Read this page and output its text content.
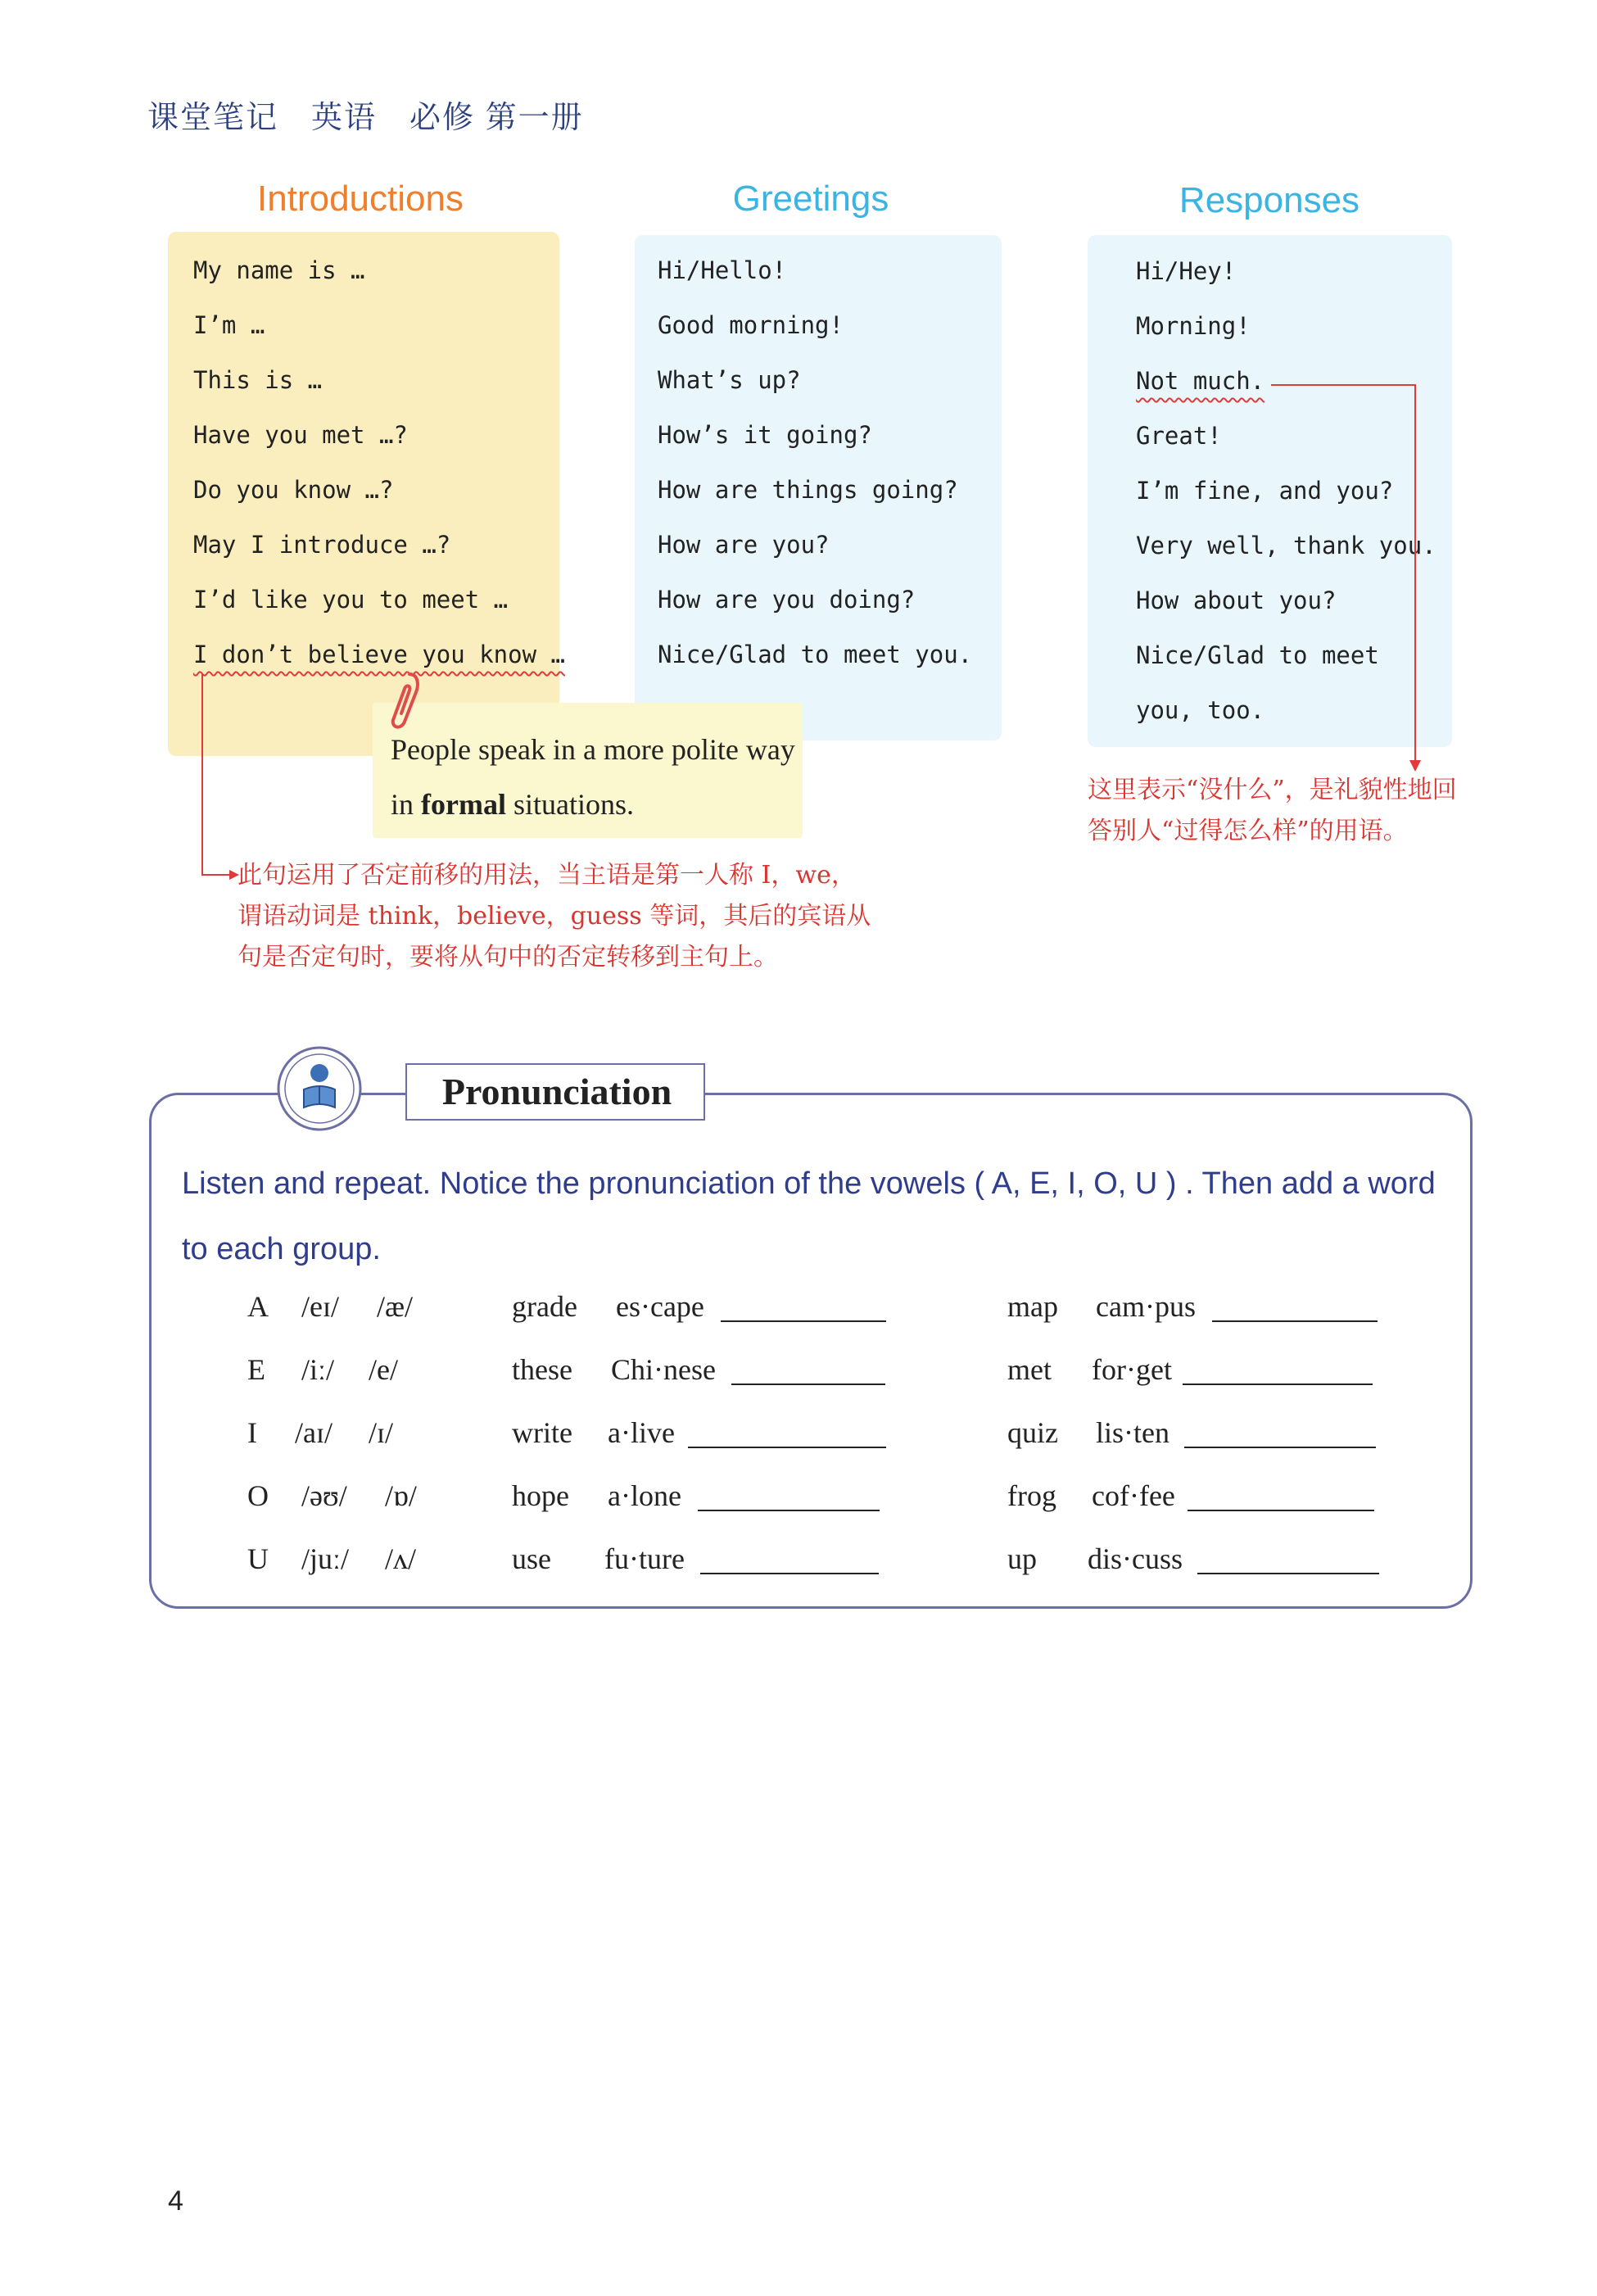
课堂笔记 英语 必修 第一册
Introductions	Greetings	Responses
My name is …
I’m …
This is …
Have you met …?
Do you know …?
May I introduce …?
I’d like you to meet …
I don’t believe you know …
Hi/Hello!
Good morning!
What’s up?
How’s it going?
How are things going?
How are you?
How are you doing?
Nice/Glad to meet you.
Hi/Hey!
Morning!
Not much.
Great!
I’m fine, and you?
Very well, thank you.
How about you?
Nice/Glad to meet
you, too.
People speak in a more polite way in formal situations.
此句运用了否定前移的用法，当主语是第一人称 I，we，谓语动词是 think，believe，guess 等词，其后的宾语从句是否定句时，要将从句中的否定转移到主句上。
这里表示“没什么”，是礼貌性地回答别人“过得怎么样”的用语。
Pronunciation
Listen and repeat. Notice the pronunciation of the vowels ( A, E, I, O, U ) . Then add a word to each group.
A /eɪ/ /æ/	grade es·cape	map cam·pus
E /iː/ /e/	these Chi·nese	met for·get
I /aɪ/ /ɪ/	write a·live	quiz lis·ten
O /əʊ/ /ɒ/	hope a·lone	frog cof·fee
U /juː/ /ʌ/	use fu·ture	up dis·cuss
4
